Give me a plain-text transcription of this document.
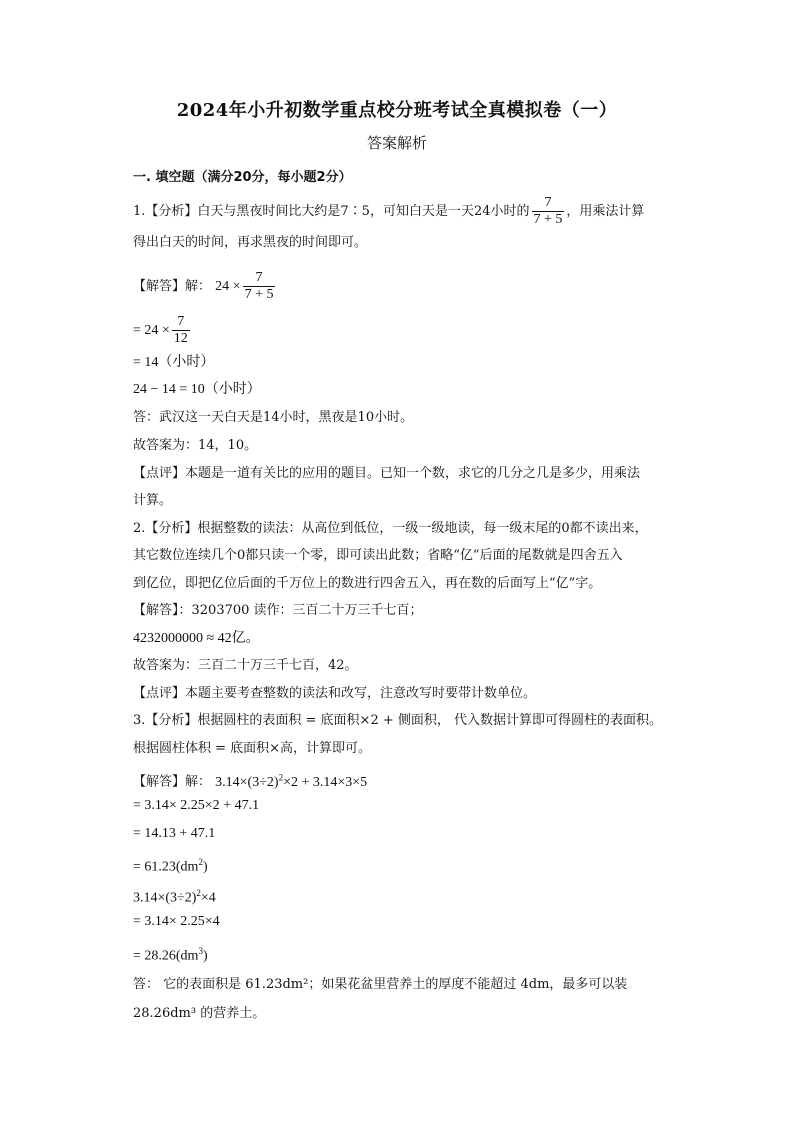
2024年小升初数学重点校分班考试全真模拟卷（一）
答案解析
一. 填空题（满分20分，每小题2分）
1.【分析】白天与黑夜时间比大约是7∶5，可知白天是一天24小时的 $\frac{7}{7 + 5}$ ，用乘法计算
得出白天的时间，再求黑夜的时间即可。
【解答】解： $24 \times \frac{7}{7 + 5}$
= $24 \times \frac{7}{12}$
= 14（小时）
24 − 14 = 10（小时）
答：武汉这一天白天是14小时，黑夜是10小时。
故答案为：14，10。
【点评】本题是一道有关比的应用的题目。已知一个数，求它的几分之几是多少，用乘法
计算。
2.【分析】根据整数的读法：从高位到低位，一级一级地读，每一级末尾的0都不读出来，
其它数位连续几个0都只读一个零，即可读出此数；省略“亿”后面的尾数就是四舍五入
到亿位，即把亿位后面的千万位上的数进行四舍五入，再在数的后面写上“亿”字。
【解答】：3203700 读作：三百二十万三千七百；
4232000000 ≈ 42亿。
故答案为：三百二十万三千七百，42。
【点评】本题主要考查整数的读法和改写，注意改写时要带计数单位。
3.【分析】根据圆柱的表面积 = 底面积×2 + 侧面积， 代入数据计算即可得圆柱的表面积。
根据圆柱体积 = 底面积×高，计算即可。
【解答】解： $3.14\times(3\div 2)^2\times 2 + 3.14\times 3\times 5$
= 3.14× 2.25×2 + 47.1
= 14.13 + 47.1
= $61.23(dm^2)$
$3.14\times(3\div 2)^2\times 4$
= 3.14× 2.25×4
= $28.26(dm^3)$
答： 它的表面积是 61.23dm²；如果花盆里营养土的厚度不能超过 4dm，最多可以装
28.26dm³ 的营养土。
